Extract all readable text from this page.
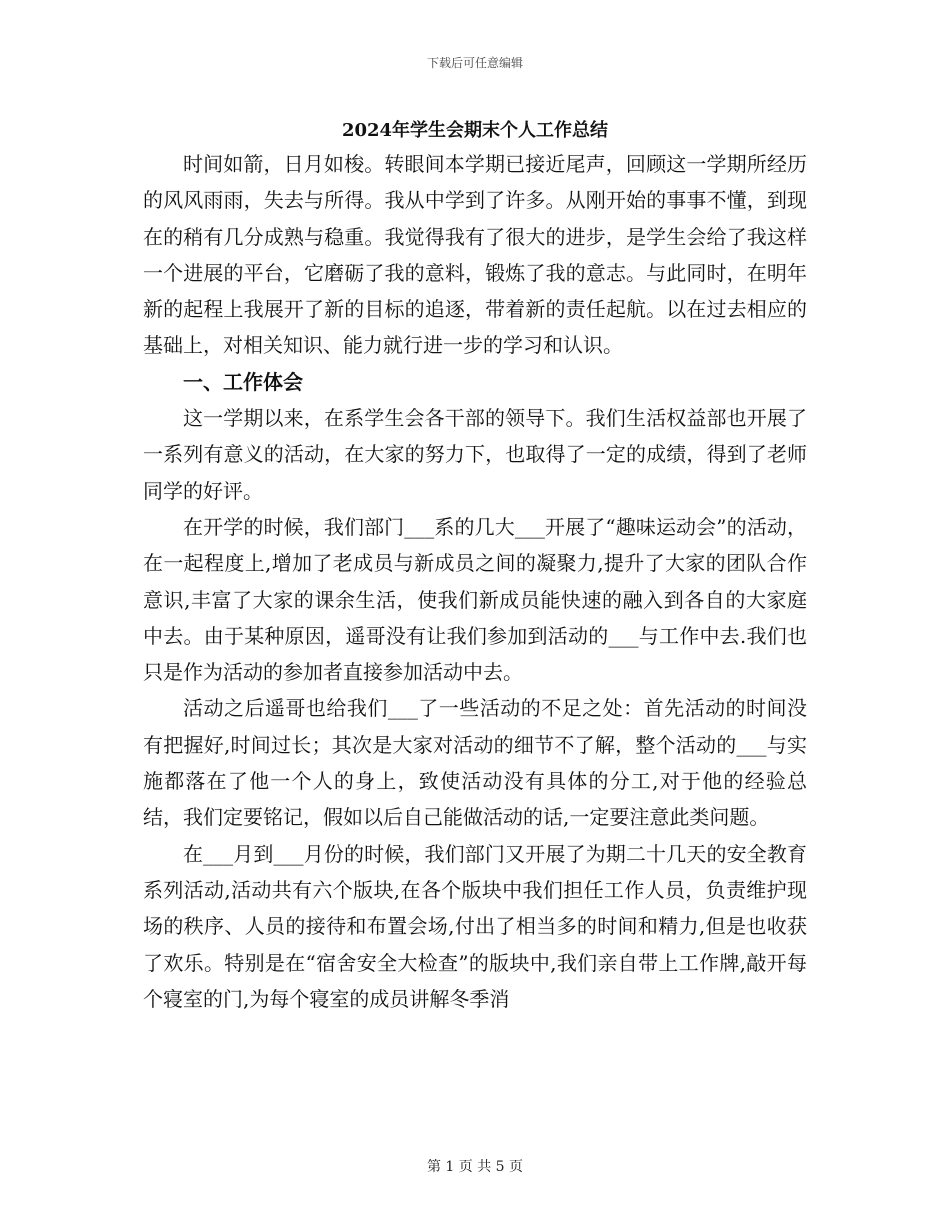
下载后可任意编辑
2024年学生会期末个人工作总结

时间如箭，日月如梭。转眼间本学期已接近尾声，回顾这一学期所经历的风风雨雨，失去与所得。我从中学到了许多。从刚开始的事事不懂，到现在的稍有几分成熟与稳重。我觉得我有了很大的进步，是学生会给了我这样一个进展的平台，它磨砺了我的意料，锻炼了我的意志。与此同时，在明年新的起程上我展开了新的目标的追逐，带着新的责任起航。以在过去相应的基础上，对相关知识、能力就行进一步的学习和认识。

一、工作体会

这一学期以来，在系学生会各干部的领导下。我们生活权益部也开展了一系列有意义的活动，在大家的努力下，也取得了一定的成绩，得到了老师同学的好评。

在开学的时候，我们部门___系的几大___开展了“趣味运动会”的活动，在一起程度上,增加了老成员与新成员之间的凝聚力,提升了大家的团队合作意识,丰富了大家的课余生活，使我们新成员能快速的融入到各自的大家庭中去。由于某种原因，遥哥没有让我们参加到活动的___与工作中去.我们也只是作为活动的参加者直接参加活动中去。

活动之后遥哥也给我们___了一些活动的不足之处：首先活动的时间没有把握好,时间过长；其次是大家对活动的细节不了解，整个活动的___与实施都落在了他一个人的身上，致使活动没有具体的分工,对于他的经验总结，我们定要铭记，假如以后自己能做活动的话,一定要注意此类问题。

在___月到___月份的时候，我们部门又开展了为期二十几天的安全教育系列活动,活动共有六个版块,在各个版块中我们担任工作人员，负责维护现场的秩序、人员的接待和布置会场,付出了相当多的时间和精力,但是也收获了欢乐。特别是在“宿舍安全大检查”的版块中,我们亲自带上工作牌,敲开每个寝室的门,为每个寝室的成员讲解冬季消

第 1 页 共 5 页
